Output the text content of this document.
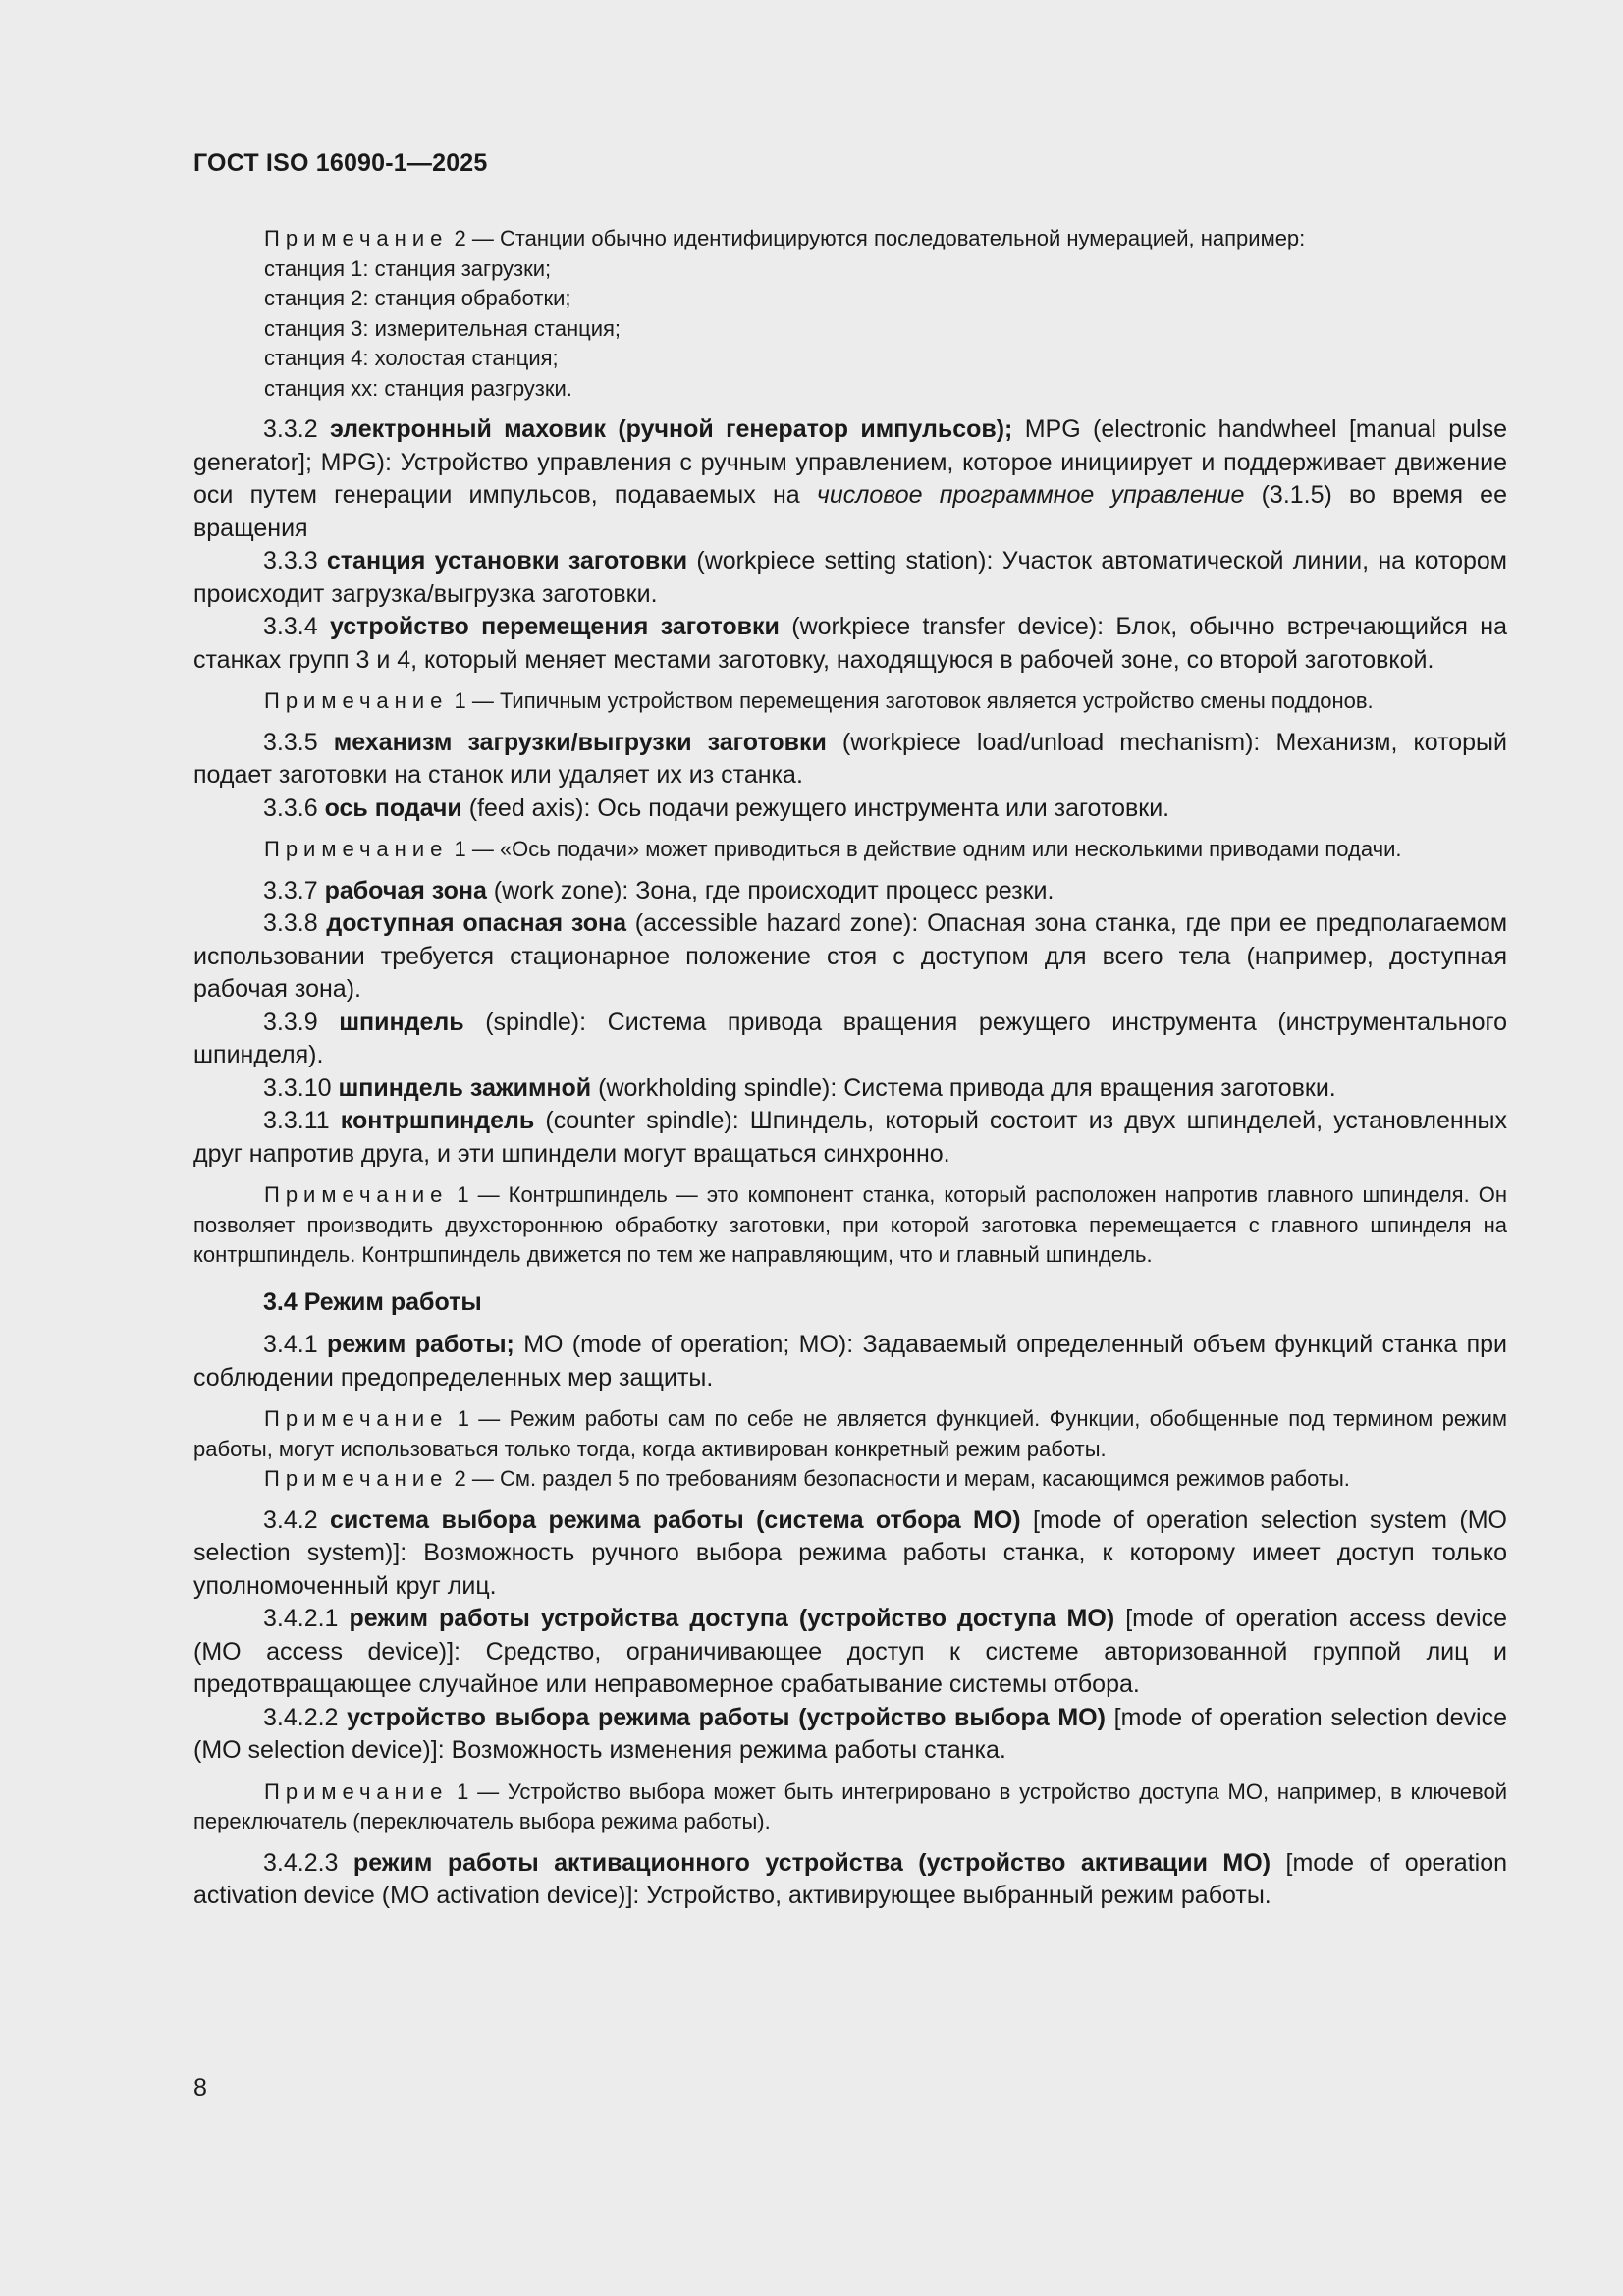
ГОСТ ISO 16090-1—2025

Примечание 2 — Станции обычно идентифицируются последовательной нумерацией, например:

станция 1: станция загрузки;

станция 2: станция обработки;

станция 3: измерительная станция;

станция 4: холостая станция;

станция хх: станция разгрузки.

3.3.2 электронный маховик (ручной генератор импульсов); MPG (electronic handwheel [manual pulse generator]; MPG): Устройство управления с ручным управлением, которое инициирует и поддерживает движение оси путем генерации импульсов, подаваемых на числовое программное управление (3.1.5) во время ее вращения

3.3.3 станция установки заготовки (workpiece setting station): Участок автоматической линии, на котором происходит загрузка/выгрузка заготовки.

3.3.4 устройство перемещения заготовки (workpiece transfer device): Блок, обычно встречающийся на станках групп 3 и 4, который меняет местами заготовку, находящуюся в рабочей зоне, со второй заготовкой.

Примечание 1 — Типичным устройством перемещения заготовок является устройство смены поддонов.

3.3.5 механизм загрузки/выгрузки заготовки (workpiece load/unload mechanism): Механизм, который подает заготовки на станок или удаляет их из станка.

3.3.6 ось подачи (feed axis): Ось подачи режущего инструмента или заготовки.

Примечание 1 — «Ось подачи» может приводиться в действие одним или несколькими приводами подачи.

3.3.7 рабочая зона (work zone): Зона, где происходит процесс резки.

3.3.8 доступная опасная зона (accessible hazard zone): Опасная зона станка, где при ее предполагаемом использовании требуется стационарное положение стоя с доступом для всего тела (например, доступная рабочая зона).

3.3.9 шпиндель (spindle): Система привода вращения режущего инструмента (инструментального шпинделя).

3.3.10 шпиндель зажимной (workholding spindle): Система привода для вращения заготовки.

3.3.11 контршпиндель (counter spindle): Шпиндель, который состоит из двух шпинделей, установленных друг напротив друга, и эти шпиндели могут вращаться синхронно.

Примечание 1 — Контршпиндель — это компонент станка, который расположен напротив главного шпинделя. Он позволяет производить двухстороннюю обработку заготовки, при которой заготовка перемещается с главного шпинделя на контршпиндель. Контршпиндель движется по тем же направляющим, что и главный шпиндель.

3.4 Режим работы

3.4.1 режим работы; МО (mode of operation; МО): Задаваемый определенный объем функций станка при соблюдении предопределенных мер защиты.

Примечание 1 — Режим работы сам по себе не является функцией. Функции, обобщенные под термином режим работы, могут использоваться только тогда, когда активирован конкретный режим работы.

Примечание 2 — См. раздел 5 по требованиям безопасности и мерам, касающимся режимов работы.

3.4.2 система выбора режима работы (система отбора МО) [mode of operation selection system (МО selection system)]: Возможность ручного выбора режима работы станка, к которому имеет доступ только уполномоченный круг лиц.

3.4.2.1 режим работы устройства доступа (устройство доступа МО) [mode of operation access device (МО access device)]: Средство, ограничивающее доступ к системе авторизованной группой лиц и предотвращающее случайное или неправомерное срабатывание системы отбора.

3.4.2.2 устройство выбора режима работы (устройство выбора МО) [mode of operation selection device (МО selection device)]: Возможность изменения режима работы станка.

Примечание 1 — Устройство выбора может быть интегрировано в устройство доступа МО, например, в ключевой переключатель (переключатель выбора режима работы).

3.4.2.3 режим работы активационного устройства (устройство активации МО) [mode of operation activation device (МО activation device)]: Устройство, активирующее выбранный режим работы.

8
